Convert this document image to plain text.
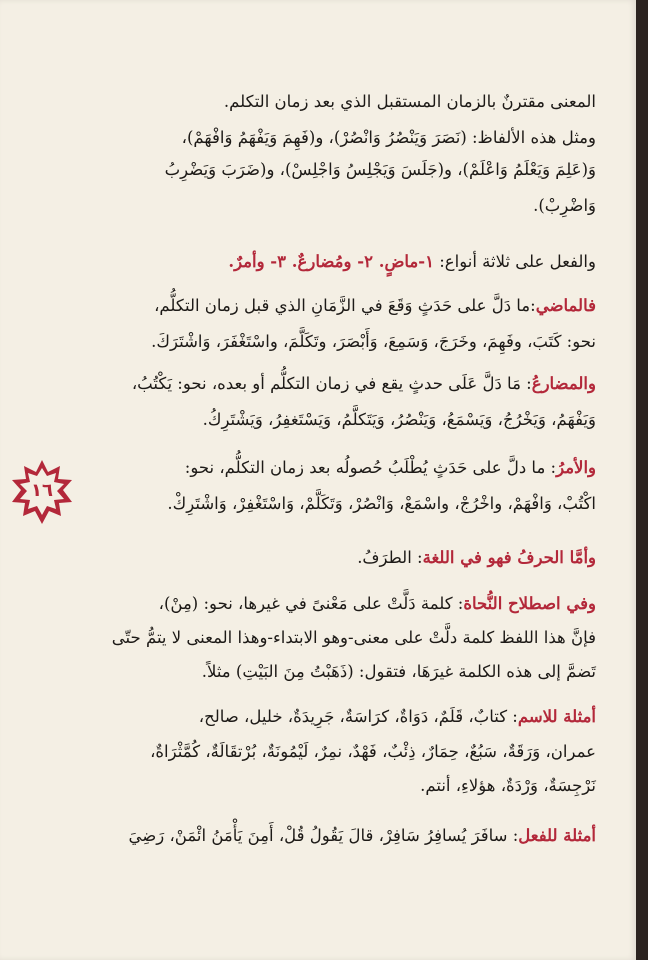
المعنى مقترنٌ بالزمان المستقبل الذي بعد زمان التكلم.
ومثل هذه الألفاظ: (نَصَرَ وَيَنْصُرُ وَانْصُرْ)، و(فَهِمَ وَيَفْهَمُ وَافْهَمْ)،
وَ(عَلِمَ وَيَعْلَمُ وَاعْلَمْ)، و(جَلَسَ وَيَجْلِسُ وَاجْلِسْ)، و(ضَرَبَ وَيَضْرِبُ
وَاضْرِبْ).
والفعل على ثلاثة أنواع: ١-ماضٍ. ٢- ومُضارعٌ. ٣- وأمرٌ.
فالماضي:ما دَلَّ على حَدَثٍ وَقَعَ في الزَّمَانِ الذي قبل زمان التكلُّم،
نحو: كَتَبَ، وفَهِمَ، وخَرَجَ، وَسَمِعَ، وَأَبْصَرَ، وتَكَلَّمَ، واسْتَغْفَرَ، وَاشْتَرَكَ.
والمضارعُ: مَا دَلَّ عَلَى حدثٍ يقع في زمان التكلُّم أو بعده، نحو: يَكْتُبُ،
وَيَفْهَمُ، وَيَخْرُجُ، وَيَسْمَعُ، وَيَنْصُرُ، وَيَتَكلَّمُ، وَيَسْتَغفِرُ، وَيَشْتَرِكُ.
والأمرُ: ما دلَّ على حَدَثٍ يُطْلَبُ حُصولُه بعد زمان التكلُّم، نحو:
اكْتُبْ، وَافْهَمْ، واخْرُجْ، واسْمَعْ، وَانْصُرْ، وَتَكَلَّمْ، وَاسْتَغْفِرْ، وَاشْتَرِكْ.
وأمَّا الحرفُ فهو في اللغة: الطرَفُ.
وفي اصطلاح النُّحاة: كلمة دَلَّتْ على مَعْنىً في غيرها، نحو: (مِنْ)،
فإنَّ هذا اللفظ كلمة دلَّتْ على معنى-وهو الابتداء-وهذا المعنى لا يتمُّ حتّى
تَضمَّ إلى هذه الكلمة غيرَهَا، فتقول: (ذَهَبْتُ مِنَ البَيْتِ) مثلاً.
أمثلة للاسم: كتابٌ، قَلَمٌ، دَوَاةٌ، كرَاسَةٌ، جَرِيدَةٌ، خليل، صالح،
عمران، وَرَقَةٌ، سَبُعٌ، حِمَارٌ، ذِئْبٌ، فَهْدٌ، نمِرٌ، لَيْمُونَةٌ، بُرْتقَالَةٌ، كُمَّثْرَاةٌ،
نَرْجِسَةٌ، وَرْدَةٌ، هؤلاءِ، أنتم.
أمثلة للفعل: سافَرَ يُسافِرُ سَافِرْ، قالَ يَقُولُ قُلْ، أَمِنَ يَأْمَنُ ائْمَنْ، رَضِيَ
١٦
